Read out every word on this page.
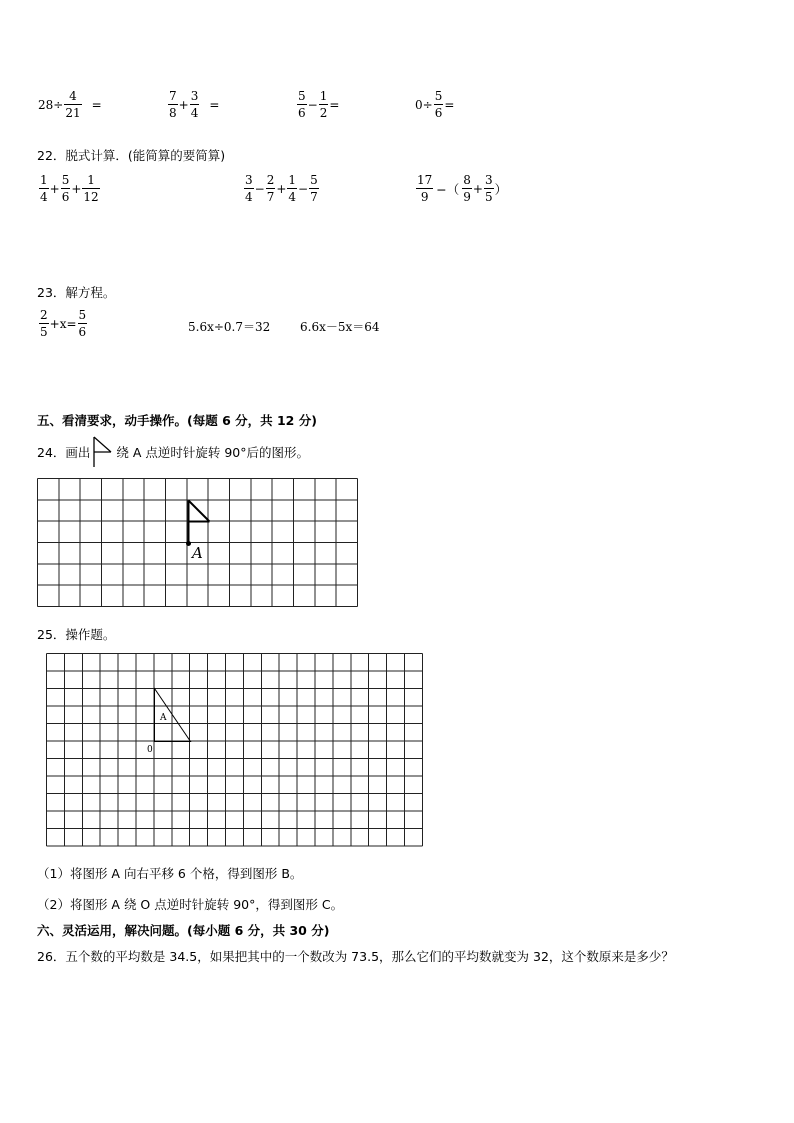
$28\div \frac{4}{21}$ =	$\frac{7}{8} + \frac{3}{4}$ =	$\frac{5}{6} - \frac{1}{2}$ =	$0\div \frac{5}{6}$ =
22．脱式计算．(能简算的要简算)
$\frac{1}{4} + \frac{5}{6} + \frac{1}{12}$	$\frac{3}{4} - \frac{2}{7} + \frac{1}{4} - \frac{5}{7}$	$\frac{17}{9}$ −（ $\frac{8}{9} + \frac{3}{5}$ ）
23．解方程。
$\frac{2}{5} +x= \frac{5}{6}$	5.6x÷0.7＝32 6.6x－5x＝64
五、看清要求，动手操作。(每题 6 分，共 12 分)
24．画出 绕 A 点逆时针旋转 90°后的图形。
A
25．操作题。
A
0
（1）将图形 A 向右平移 6 个格，得到图形 B。
（2）将图形 A 绕 O 点逆时针旋转 90°，得到图形 C。
六、灵活运用，解决问题。(每小题 6 分，共 30 分)
26．五个数的平均数是 34.5，如果把其中的一个数改为 73.5，那么它们的平均数就变为 32，这个数原来是多少？
